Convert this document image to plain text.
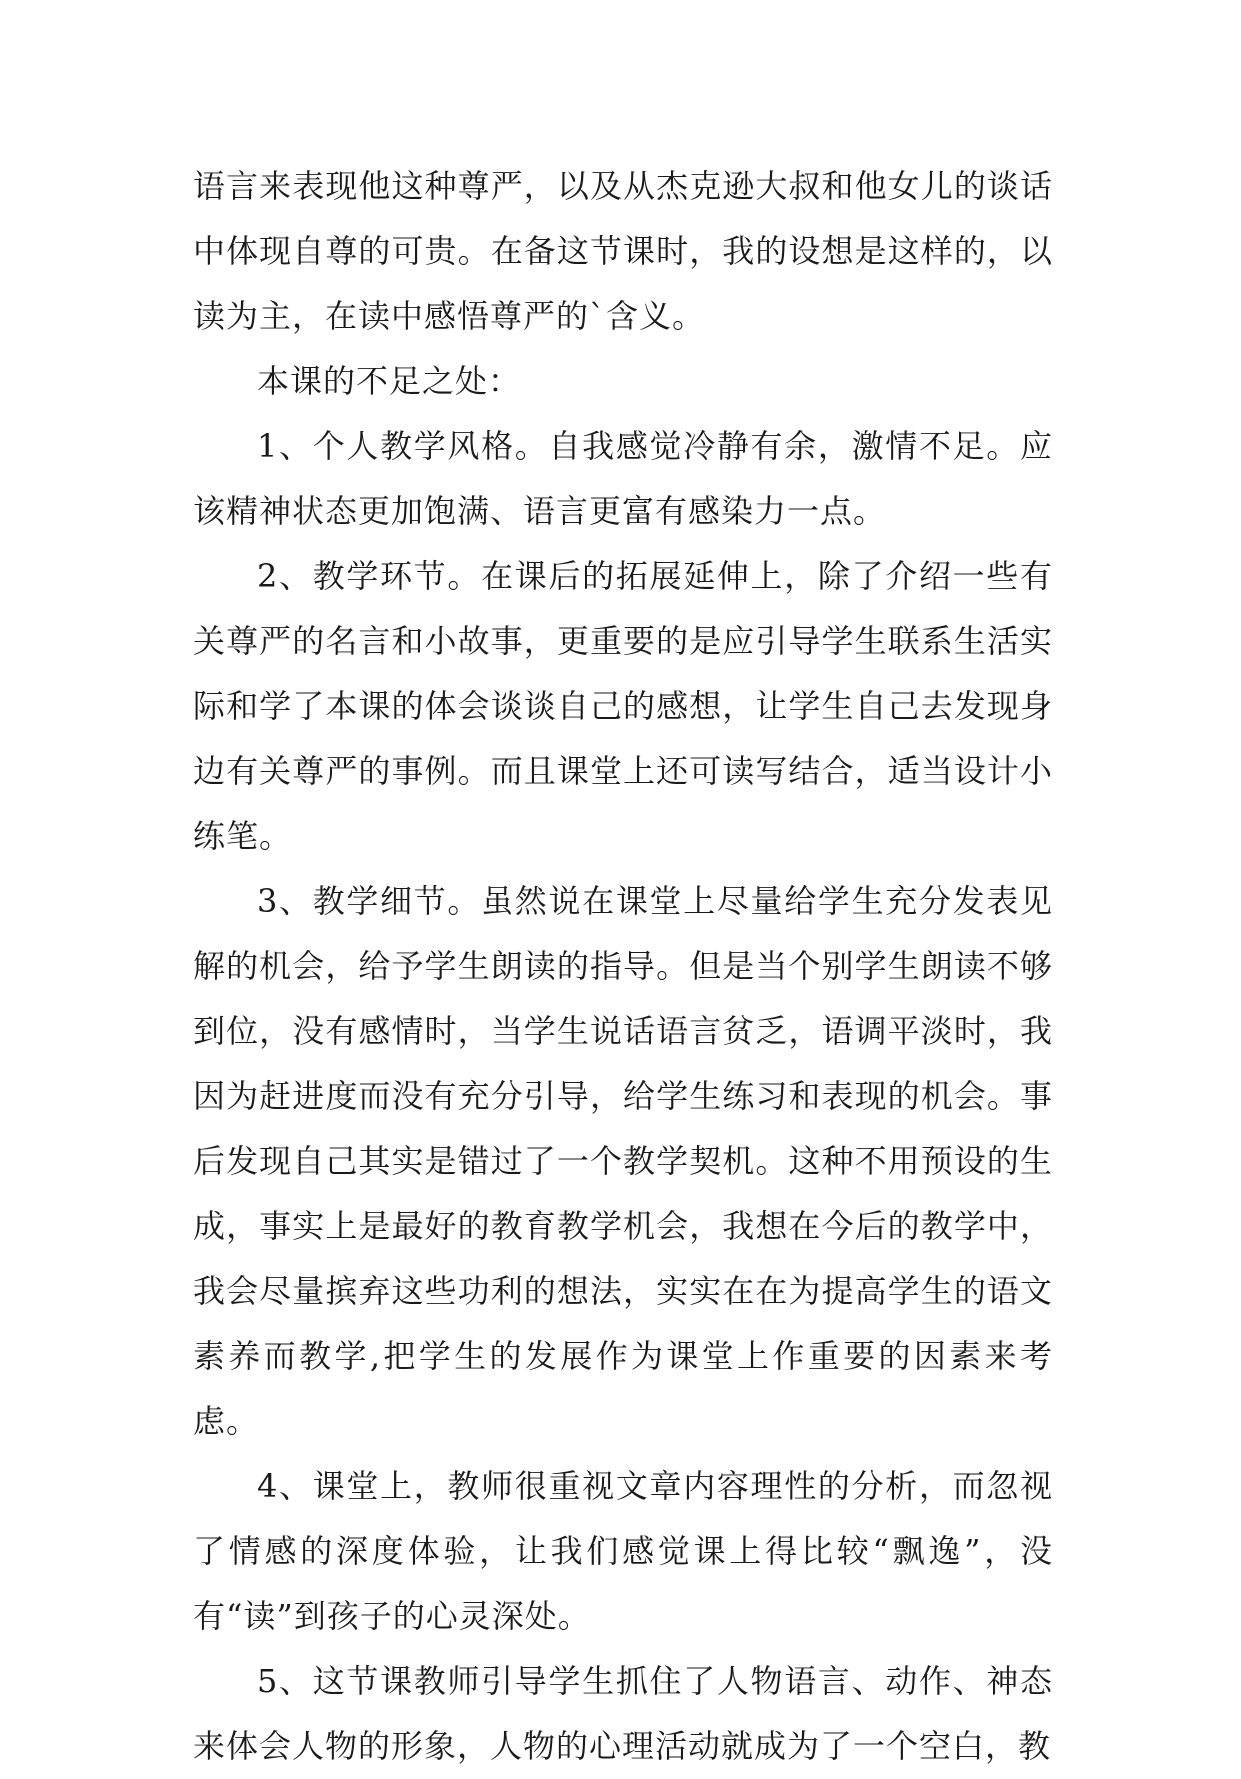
语言来表现他这种尊严，以及从杰克逊大叔和他女儿的谈话中体现自尊的可贵。在备这节课时，我的设想是这样的，以读为主，在读中感悟尊严的`含义。

本课的不足之处：

1、个人教学风格。自我感觉冷静有余，激情不足。应该精神状态更加饱满、语言更富有感染力一点。

2、教学环节。在课后的拓展延伸上，除了介绍一些有关尊严的名言和小故事，更重要的是应引导学生联系生活实际和学了本课的体会谈谈自己的感想，让学生自己去发现身边有关尊严的事例。而且课堂上还可读写结合，适当设计小练笔。

3、教学细节。虽然说在课堂上尽量给学生充分发表见解的机会，给予学生朗读的指导。但是当个别学生朗读不够到位，没有感情时，当学生说话语言贫乏，语调平淡时，我因为赶进度而没有充分引导，给学生练习和表现的机会。事后发现自己其实是错过了一个教学契机。这种不用预设的生成，事实上是最好的教育教学机会，我想在今后的教学中，我会尽量摈弃这些功利的想法，实实在在为提高学生的语文素养而教学,把学生的发展作为课堂上作重要的因素来考虑。

4、课堂上，教师很重视文章内容理性的分析，而忽视了情感的深度体验，让我们感觉课上得比较“飘逸”，没有“读”到孩子的心灵深处。

5、这节课教师引导学生抓住了人物语言、动作、神态来体会人物的形象，人物的心理活动就成为了一个空白，教
